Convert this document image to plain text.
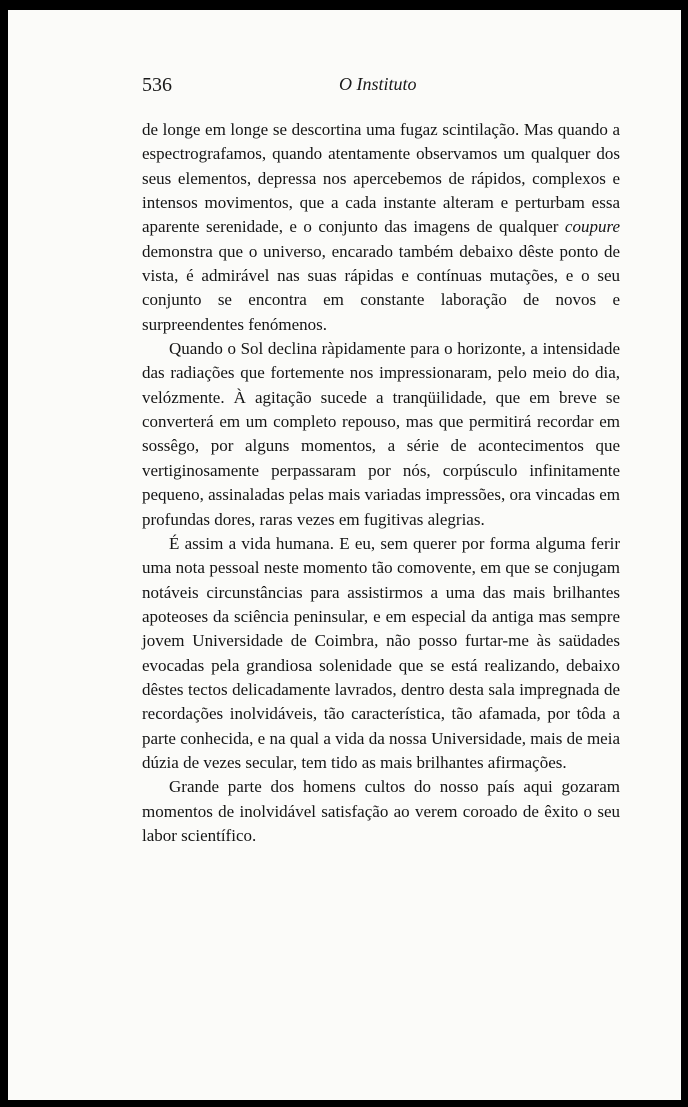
536	O Instituto

de longe em longe se descortina uma fugaz scintilação. Mas quando a espectrografamos, quando atentamente observamos um qualquer dos seus elementos, depressa nos apercebemos de rápidos, complexos e intensos movimentos, que a cada instante alteram e perturbam essa aparente serenidade, e o conjunto das imagens de qualquer coupure demonstra que o universo, encarado também debaixo dêste ponto de vista, é admirável nas suas rápidas e contínuas mutações, e o seu conjunto se encontra em constante laboração de novos e surpreendentes fenómenos.

Quando o Sol declina ràpidamente para o horizonte, a intensidade das radiações que fortemente nos impressionaram, pelo meio do dia, velózmente. À agitação sucede a tranqüilidade, que em breve se converterá em um completo repouso, mas que permitirá recordar em sossêgo, por alguns momentos, a série de acontecimentos que vertiginosamente perpassaram por nós, corpúsculo infinitamente pequeno, assinaladas pelas mais variadas impressões, ora vincadas em profundas dores, raras vezes em fugitivas alegrias.

É assim a vida humana. E eu, sem querer por forma alguma ferir uma nota pessoal neste momento tão comovente, em que se conjugam notáveis circunstâncias para assistirmos a uma das mais brilhantes apoteoses da sciência peninsular, e em especial da antiga mas sempre jovem Universidade de Coimbra, não posso furtar-me às saüdades evocadas pela grandiosa solenidade que se está realizando, debaixo dêstes tectos delicadamente lavrados, dentro desta sala impregnada de recordações inolvidáveis, tão característica, tão afamada, por tôda a parte conhecida, e na qual a vida da nossa Universidade, mais de meia dúzia de vezes secular, tem tido as mais brilhantes afirmações.

Grande parte dos homens cultos do nosso país aqui gozaram momentos de inolvidável satisfação ao verem coroado de êxito o seu labor scientífico.
